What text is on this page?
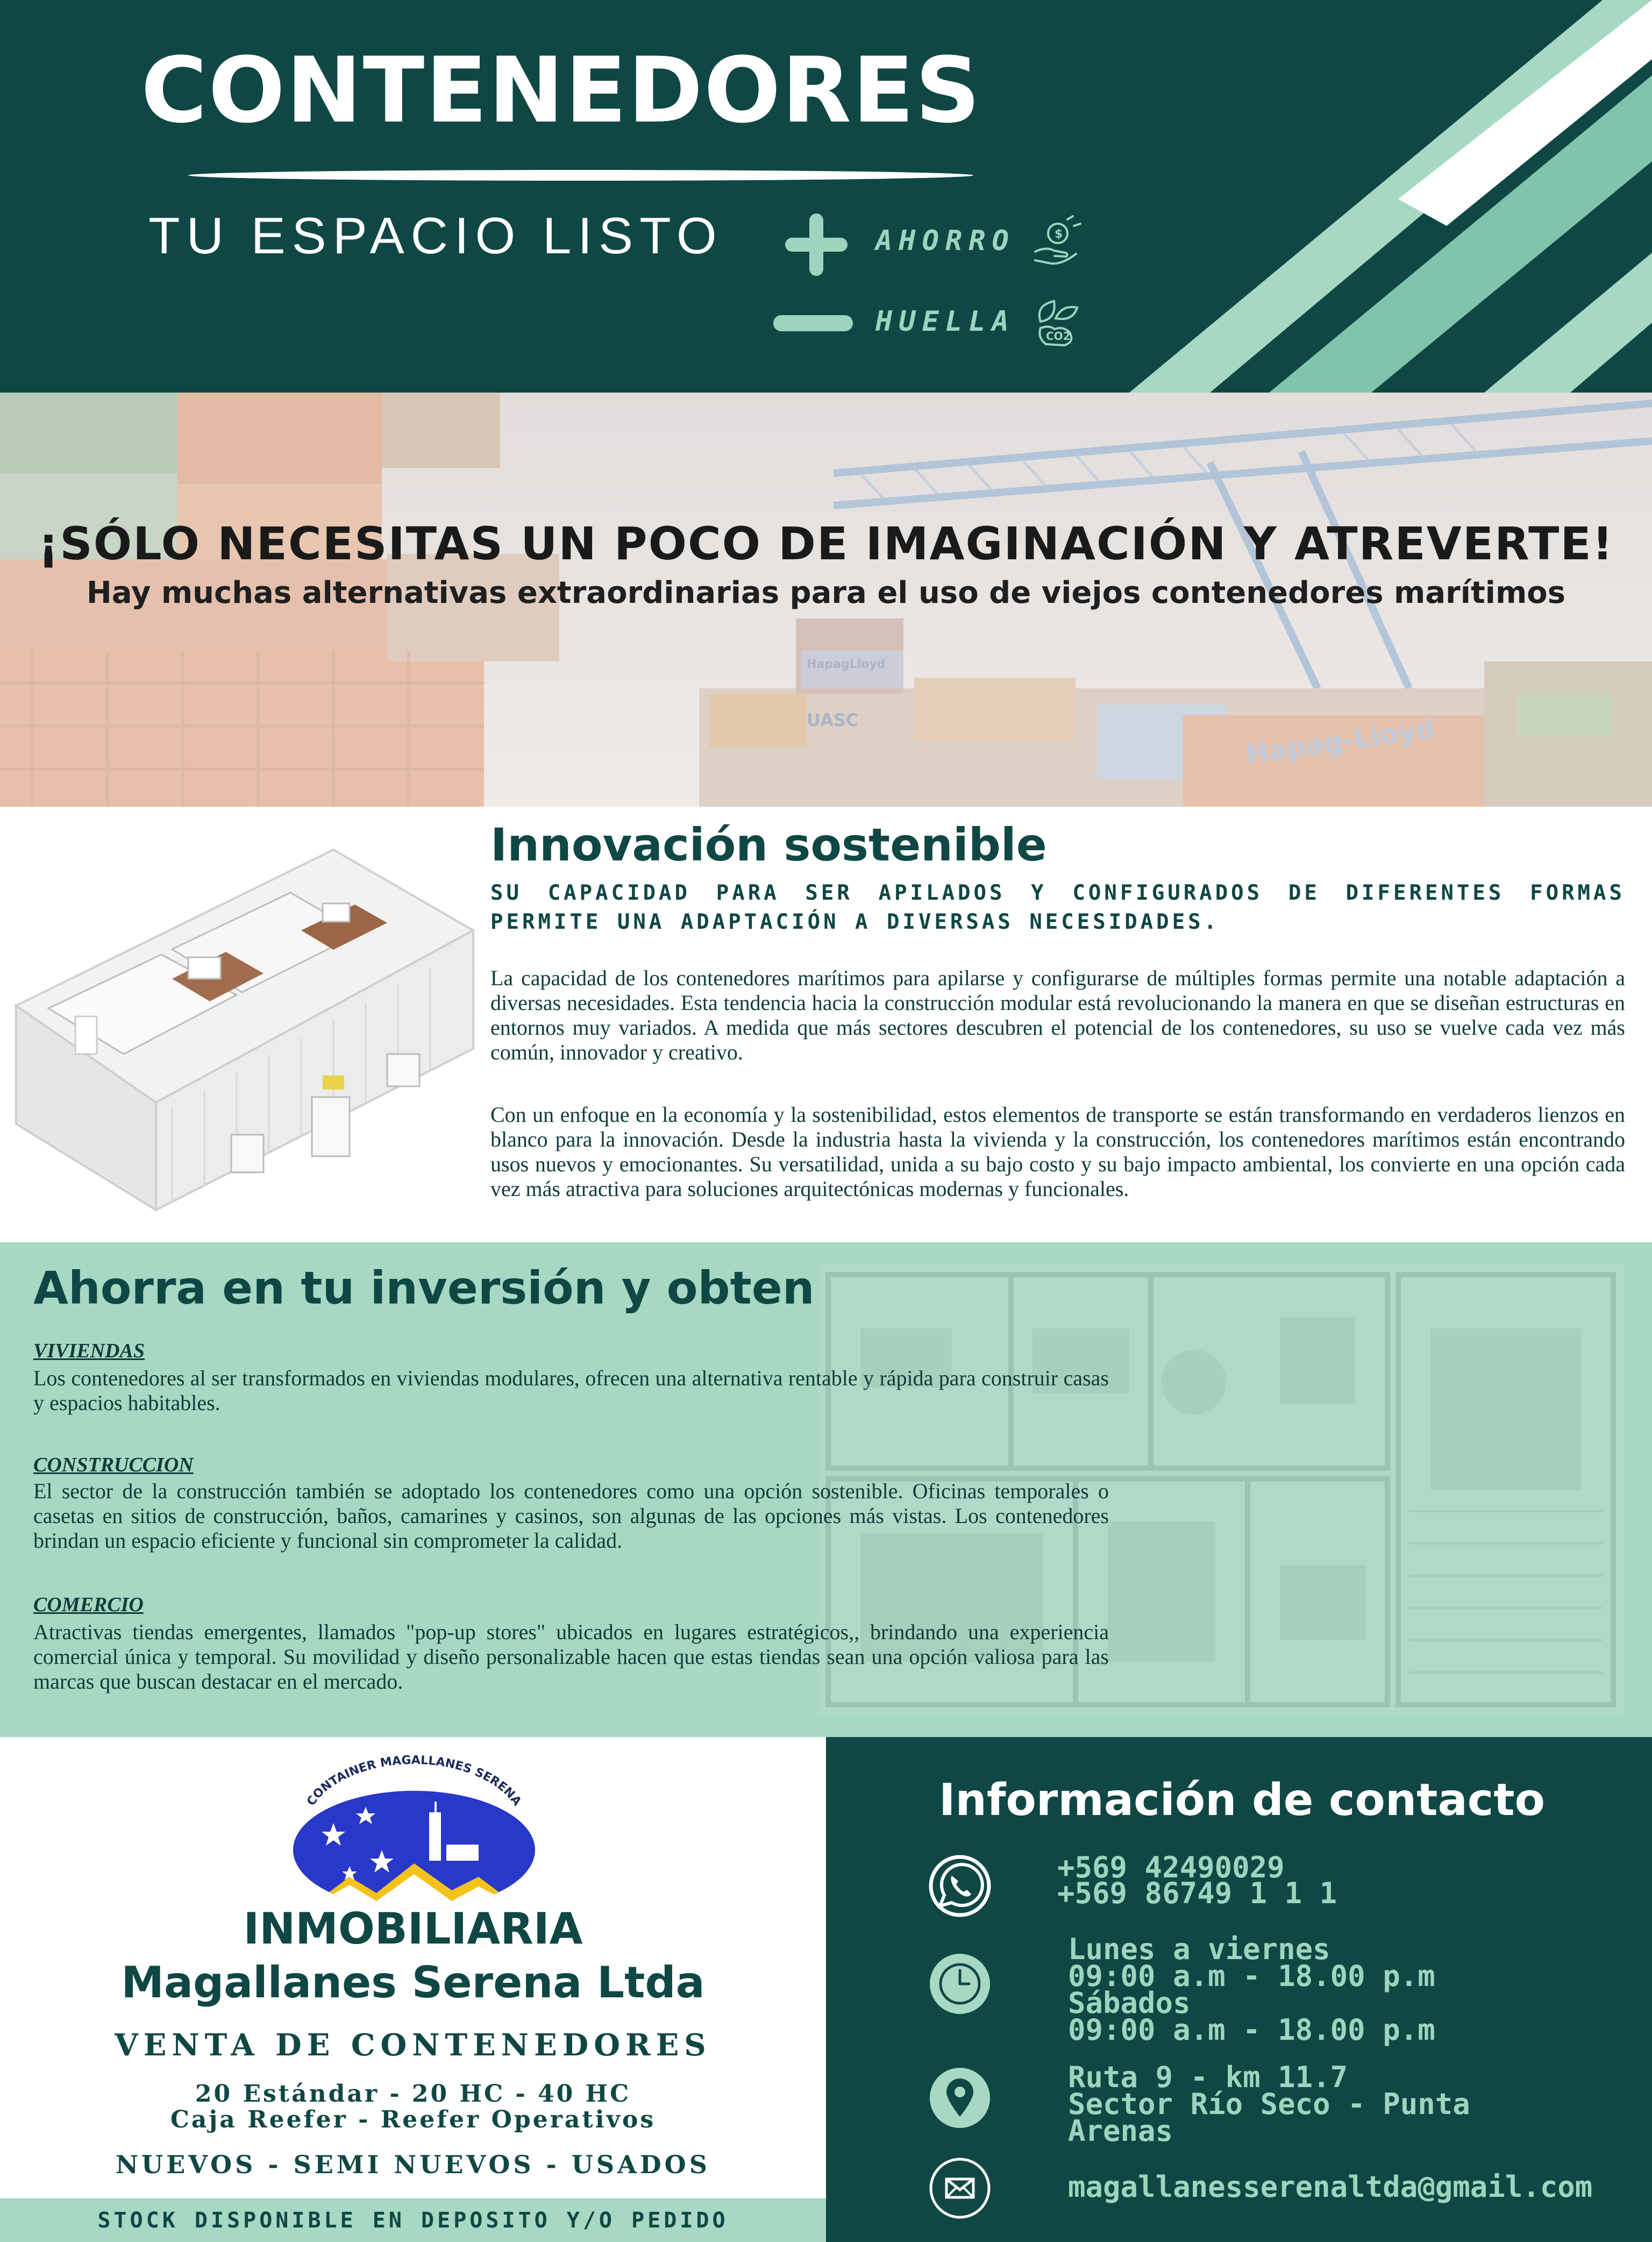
CONTENEDORES
TU ESPACIO LISTO	AHORRO	$
HUELLA	CO2
Hapag-Lloyd
UASC
HapagLloyd
¡SÓLO NECESITAS UN POCO DE IMAGINACIÓN Y ATREVERTE!
Hay muchas alternativas extraordinarias para el uso de viejos contenedores marítimos
Innovación sostenible
SU CAPACIDAD PARA SER APILADOS Y CONFIGURADOS DE DIFERENTES FORMAS PERMITE UNA ADAPTACIÓN A DIVERSAS NECESIDADES.

La capacidad de los contenedores marítimos para apilarse y configurarse de múltiples formas permite una notable adaptación a diversas necesidades. Esta tendencia hacia la construcción modular está revolucionando la manera en que se diseñan estructuras en entornos muy variados. A medida que más sectores descubren el potencial de los contenedores, su uso se vuelve cada vez más común, innovador y creativo.

Con un enfoque en la economía y la sostenibilidad, estos elementos de transporte se están transformando en verdaderos lienzos en blanco para la innovación. Desde la industria hasta la vivienda y la construcción, los contenedores marítimos están encontrando usos nuevos y emocionantes. Su versatilidad, unida a su bajo costo y su bajo impacto ambiental, los convierte en una opción cada vez más atractiva para soluciones arquitectónicas modernas y funcionales.

Ahorra en tu inversión y obten
VIVIENDAS

Los contenedores al ser transformados en viviendas modulares, ofrecen una alternativa rentable y rápida para construir casas y espacios habitables.

CONSTRUCCION

El sector de la construcción también se adoptado los contenedores como una opción sostenible. Oficinas temporales o casetas en sitios de construcción, baños, camarines y casinos, son algunas de las opciones más vistas. Los contenedores brindan un espacio eficiente y funcional sin comprometer la calidad.

COMERCIO

Atractivas tiendas emergentes, llamados "pop-up stores" ubicados en lugares estratégicos,, brindando una experiencia comercial única y temporal. Su movilidad y diseño personalizable hacen que estas tiendas sean una opción valiosa para las marcas que buscan destacar en el mercado.

CONTAINER MAGALLANES SERENA
INMOBILIARIA
Magallanes Serena Ltda
VENTA DE CONTENEDORES
20 Estándar - 20 HC - 40 HC
Caja Reefer - Reefer Operativos
NUEVOS - SEMI NUEVOS - USADOS
STOCK DISPONIBLE EN DEPOSITO Y/O PEDIDO
Información de contacto
+569 42490029
+569 86749 1 1 1
Lunes a viernes
09:00 a.m - 18.00 p.m
Sábados
09:00 a.m - 18.00 p.m
Ruta 9 - km 11.7
Sector Río Seco - Punta
Arenas
magallanesserenaltda@gmail.com
